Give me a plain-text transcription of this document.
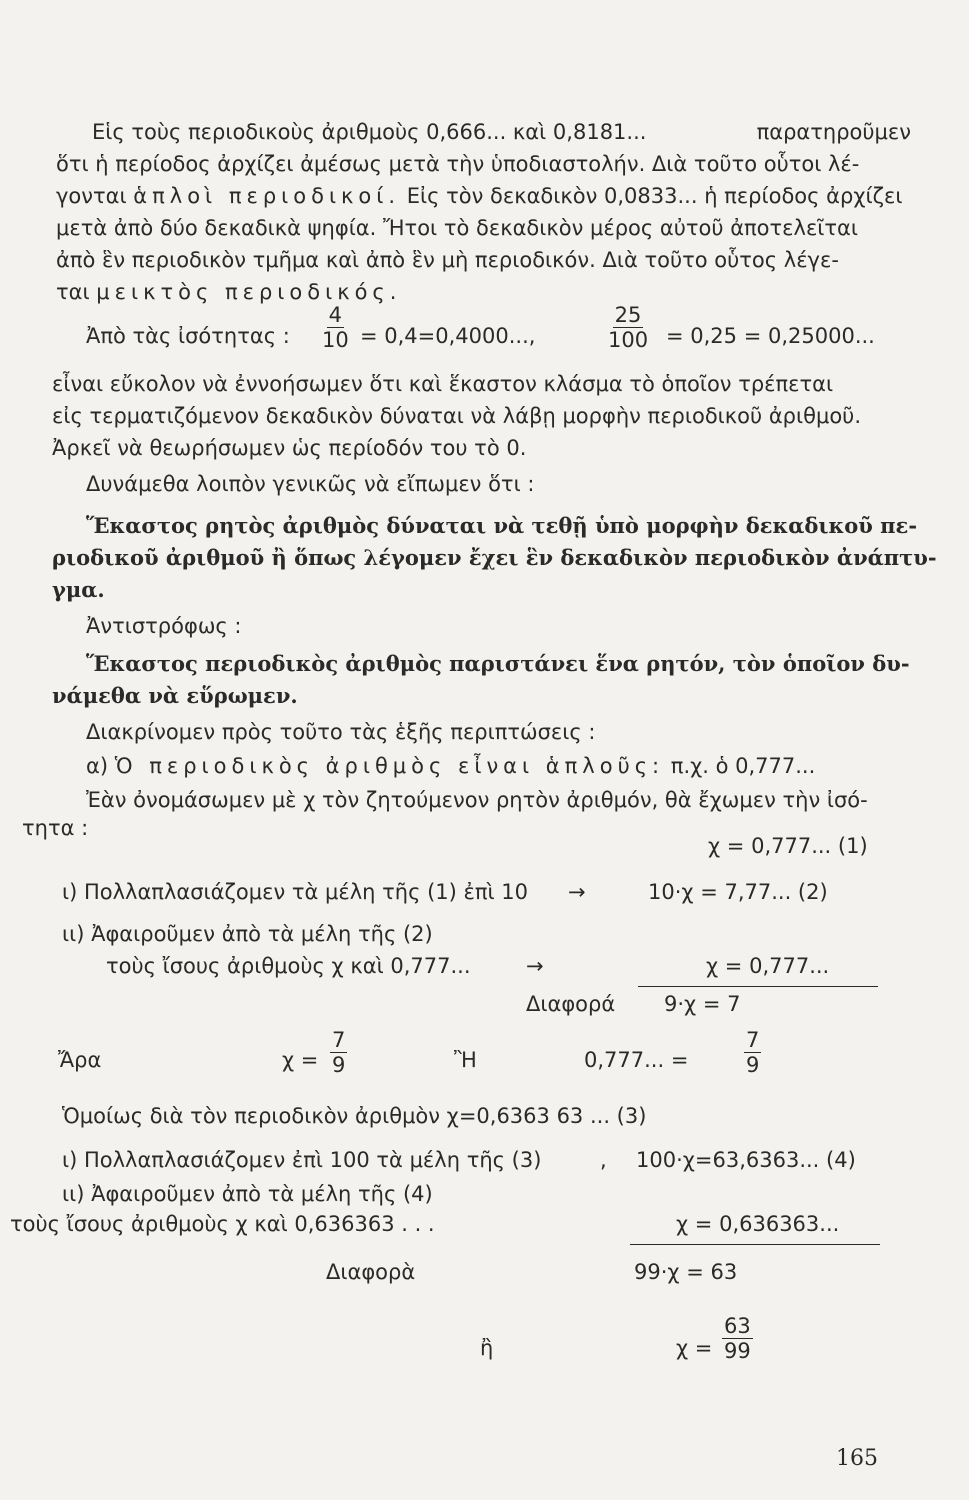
Εἱς τοὺς περιοδικοὺς ἀριθμοὺς 0,666... καὶ 0,8181...	παρατηροῦμεν
ὅτι ἡ περίοδος ἀρχίζει ἀμέσως μετὰ τὴν ὑποδιαστολήν. Διὰ τοῦτο οὗτοι λέ-
γονται ἁπλοὶ περιοδικοί. Εἰς τὸν δεκαδικὸν 0,0833... ἡ περίοδος ἀρχίζει
μετὰ ἀπὸ δύο δεκαδικὰ ψηφία. Ἤτοι τὸ δεκαδικὸν μέρος αὐτοῦ ἀποτελεῖται
ἀπὸ ἓν περιοδικὸν τμῆμα καὶ ἀπὸ ἓν μὴ περιοδικόν. Διὰ τοῦτο οὗτος λέγε-
ται μεικτὸς περιοδικός.
Ἀπὸ τὰς ἰσότητας : $\frac{4}{10} = 0,4=0,4000$...,	$\frac{25}{100} = 0,25 = 0,25000$...
εἶναι εὔκολον νὰ ἐννοήσωμεν ὅτι καὶ ἕκαστον κλάσμα τὸ ὁποῖον τρέπεται
εἰς τερματιζόμενον δεκαδικὸν δύναται νὰ λάβῃ μορφὴν περιοδικοῦ ἀριθμοῦ.
Ἀρκεῖ νὰ θεωρήσωμεν ὡς περίοδόν του τὸ 0.
Δυνάμεθα λοιπὸν γενικῶς νὰ εἴπωμεν ὅτι :
Ἕκαστος ρητὸς ἀριθμὸς δύναται νὰ τεθῇ ὑπὸ μορφὴν δεκαδικοῦ πε-
ριοδικοῦ ἀριθμοῦ ἢ ὅπως λέγομεν ἔχει ἓν δεκαδικὸν περιοδικὸν ἀνάπτυ-
γμα.
Ἀντιστρόφως :
Ἕκαστος περιοδικὸς ἀριθμὸς παριστάνει ἕνα ρητόν, τὸν ὁποῖον δυ-
νάμεθα νὰ εὕρωμεν.
Διακρίνομεν πρὸς τοῦτο τὰς ἑξῆς περιπτώσεις :
α) Ὁ περιοδικὸς ἀριθμὸς εἶναι ἁπλοῦς: π.χ. ὁ 0,777...
Ἐὰν ὀνομάσωμεν μὲ χ τὸν ζητούμενον ρητὸν ἀριθμόν, θὰ ἔχωμεν τὴν ἰσό-
τητα :
χ = 0,777... (1)
ι) Πολλαπλασιάζομεν τὰ μέλη τῆς (1) ἐπὶ 10 →	10·χ = 7,77... (2)
ιι) Ἀφαιροῦμεν ἀπὸ τὰ μέλη τῆς (2)
τοὺς ἴσους ἀριθμοὺς χ καὶ 0,777...	→	χ = 0,777...
Διαφορά 9·χ = 7
Ἄρα	$\chi = \frac{7}{9}$	Ἢ	0,777... =	$\frac{7}{9}$
Ὁμοίως διὰ τὸν περιοδικὸν ἀριθμὸν χ=0,6363 63 ... (3)
ι) Πολλαπλασιάζομεν ἐπὶ 100 τὰ μέλη τῆς (3)	, 100·χ=63,6363... (4)
ιι) Ἀφαιροῦμεν ἀπὸ τὰ μέλη τῆς (4)
τοὺς ἴσους ἀριθμοὺς χ καὶ 0,636363 . . .	χ = 0,636363...
Διαφορὰ	99·χ = 63
ἢ	$\chi = \frac{63}{99}$
165
